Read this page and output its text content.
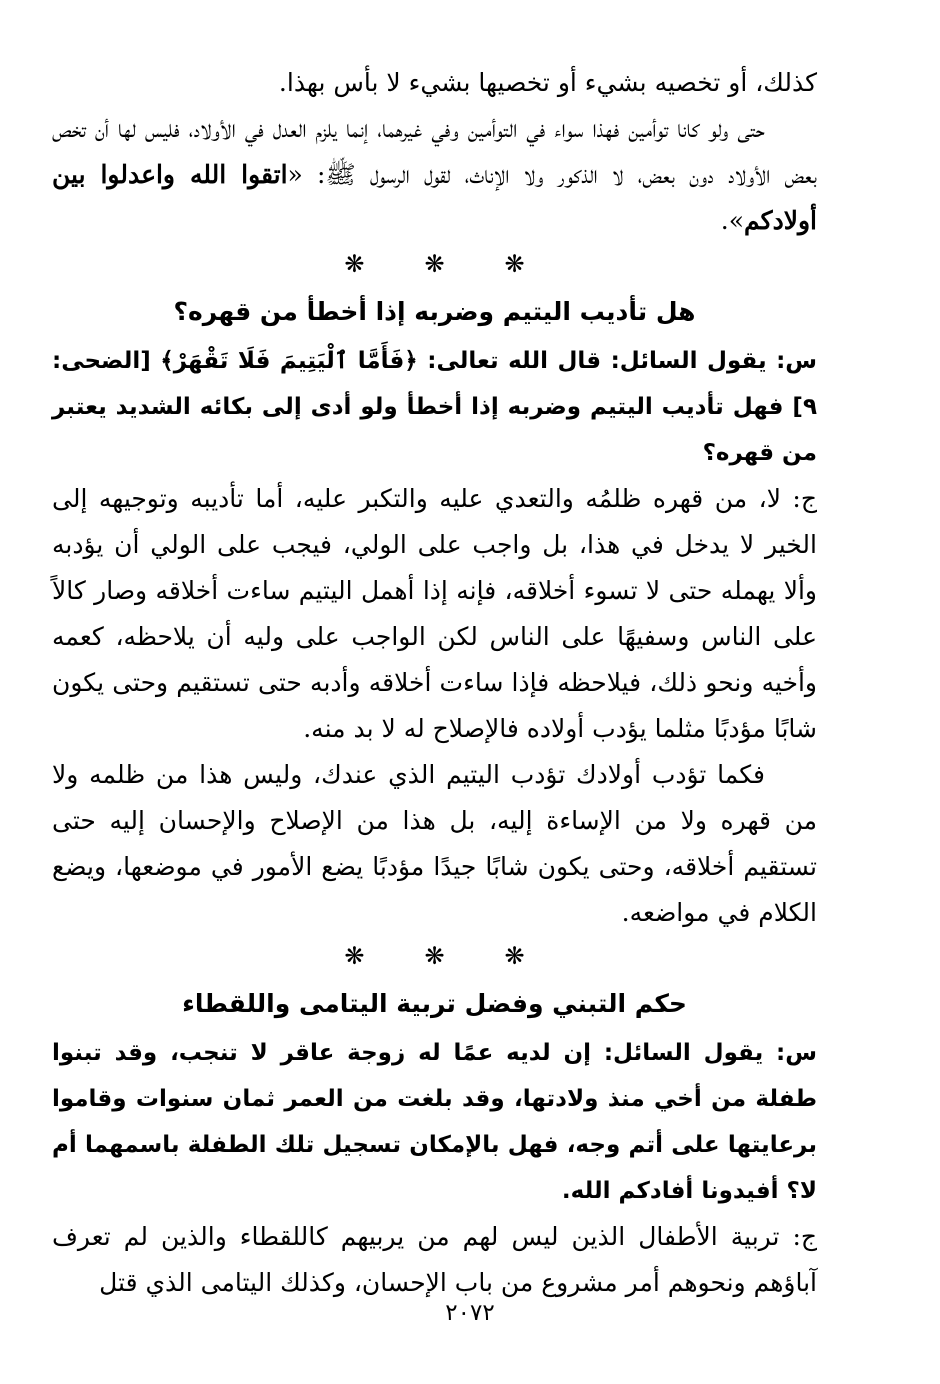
كذلك، أو تخصيه بشيء أو تخصيها بشيء لا بأس بهذا.

حتى ولو كانا توأمين فهذا سواء في التوأمين وفي غيرهما، إنما يلزم العدل في الأولاد، فليس لها أن تخص بعض الأولاد دون بعض، لا الذكور ولا الإناث، لقول الرسول ﷺ: «اتقوا الله واعدلوا بين أولادكم».

❋❋❋
هل تأديب اليتيم وضربه إذا أخطأ من قهره؟

س: يقول السائل: قال الله تعالى: ﴿فَأَمَّا ٱلْيَتِيمَ فَلَا تَقْهَرْ﴾ [الضحى: ٩] فهل تأديب اليتيم وضربه إذا أخطأ ولو أدى إلى بكائه الشديد يعتبر من قهره؟

ج: لا، من قهره ظلمُه والتعدي عليه والتكبر عليه، أما تأديبه وتوجيهه إلى الخير لا يدخل في هذا، بل واجب على الولي، فيجب على الولي أن يؤدبه وألا يهمله حتى لا تسوء أخلاقه، فإنه إذا أهمل اليتيم ساءت أخلاقه وصار كالاً على الناس وسفيهًا على الناس لكن الواجب على وليه أن يلاحظه، كعمه وأخيه ونحو ذلك، فيلاحظه فإذا ساءت أخلاقه وأدبه حتى تستقيم وحتى يكون شابًا مؤدبًا مثلما يؤدب أولاده فالإصلاح له لا بد منه.

فكما تؤدب أولادك تؤدب اليتيم الذي عندك، وليس هذا من ظلمه ولا من قهره ولا من الإساءة إليه، بل هذا من الإصلاح والإحسان إليه حتى تستقيم أخلاقه، وحتى يكون شابًا جيدًا مؤدبًا يضع الأمور في موضعها، ويضع الكلام في مواضعه.

❋❋❋
حكم التبني وفضل تربية اليتامى واللقطاء

س: يقول السائل: إن لديه عمًا له زوجة عاقر لا تنجب، وقد تبنوا طفلة من أخي منذ ولادتها، وقد بلغت من العمر ثمان سنوات وقاموا برعايتها على أتم وجه، فهل بالإمكان تسجيل تلك الطفلة باسمهما أم لا؟ أفيدونا أفادكم الله.

ج: تربية الأطفال الذين ليس لهم من يربيهم كاللقطاء والذين لم تعرف آباؤهم ونحوهم أمر مشروع من باب الإحسان، وكذلك اليتامى الذي قتل

٢٠٧٢
